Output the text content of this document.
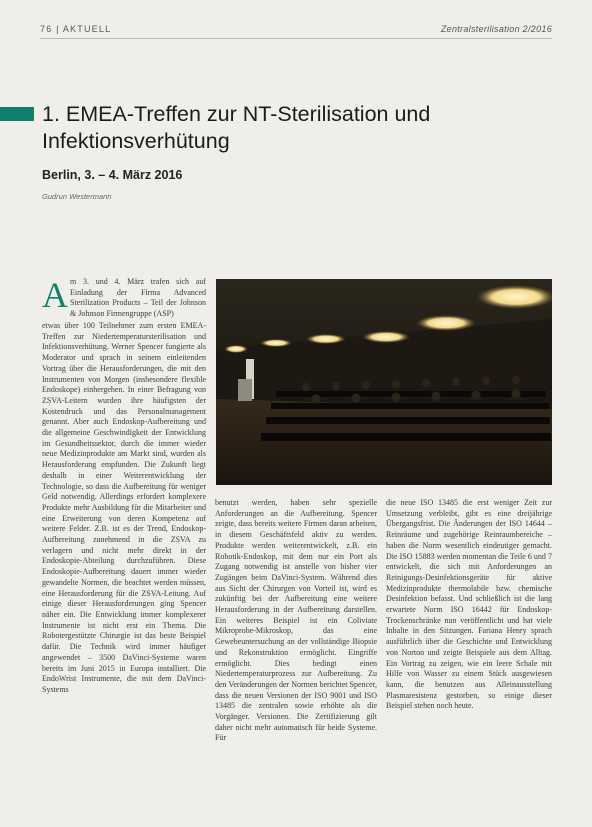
76 | AKTUELL	Zentralsterilisation 2/2016
1. EMEA-Treffen zur NT-Sterilisation und Infektionsverhütung
Berlin, 3. – 4. März 2016
Gudrun Westermann
A m 3. und 4. März trafen sich auf Einladung der Firma Advanced Sterilization Products – Teil der Johnson & Johnson Firmengruppe (ASP)
etwas über 100 Teilnehmer zum ersten EMEA-Treffen zur Niedertemperatursterilisation und Infektionsverhütung. Werner Spencer fungierte als Moderator und sprach in seinem einleitenden Vortrag über die Herausforderungen, die mit den Instrumenten von Morgen (insbesondere flexible Endoskope) einhergehen. In einer Befragung von ZSVA-Leitern wurden ihre häufigsten der Kostendruck und das Personalmanagement genannt. Aber auch Endoskop-Aufbereitung und die allgemeine Geschwindigkeit der Entwicklung im Gesundheitssektor, durch die immer wieder neue Medizinprodukte am Markt sind, wurden als Herausforderung empfunden. Die Zukunft liegt deshalb in einer Weiterentwicklung der Technologie, so dass die Aufbereitung für weniger Geld notwendig. Allerdings erfordert komplexere Produkte mehr Ausbildung für die Mitarbeiter und eine Erweiterung von deren Kompetenz auf weitere Felder. Z.B. ist es der Trend, Endoskop-Aufbereitung zunehmend in die ZSVA zu verlagern und nicht mehr direkt in der Endoskopie-Abteilung durchzuführen. Diese Endoskopie-Aufbereitung dauert immer wieder gewandelte Normen, die beachtet werden müssen, eine Herausforderung für die ZSVA-Leitung. Auf einige dieser Herausforderungen ging Spencer näher ein. Die Entwicklung immer komplexerer Instrumente ist nicht erst ein Thema. Die Robotergestützte Chirurgie ist das beste Beispiel dafür. Die Technik wird immer häufiger angewendet – 3500 DaVinci-Systeme waren bereits im Juni 2015 in Europa installiert. Die EndoWrist Instrumente, die mit dem DaVinci-Systems
benutzt werden, haben sehr spezielle Anforderungen an die Aufbereitung. Spencer zeigte, dass bereits weitere Firmen daran arbeiten, in diesem Geschäftsfeld aktiv zu werden. Produkte werden weiterentwickelt, z.B. ein Robotik-Endoskop, mit dem nur ein Port als Zugang notwendig ist anstelle von bisher vier Zugängen beim DaVinci-System. Während dies aus Sicht der Chirurgen von Vorteil ist, wird es zukünftig bei der Aufbereitung eine weitere Herausforderung in der Aufbereitung darstellen. Ein weiteres Beispiel ist ein Coliviate Mikroprobe-Mikroskop, das eine Gewebeuntersuchung an der vollständige Biopsie und Rekonstruktion ermöglicht. Eingriffe ermöglicht. Dies bedingt einen Niedertemperaturprozess zur Aufbereitung. Zu den Veränderungen der Normen berichtet Spencer, dass die neuen Versionen der ISO 9001 und ISO 13485 die zentralen sowie erhöhte als die Vorgänger. Versionen. Die Zertifizierung gilt daher nicht mehr automatisch für beide Systeme. Für
die neue ISO 13485 die erst weniger Zeit zur Umsetzung verbleibt, gibt es eine dreijährige Übergangsfrist. Die Änderungen der ISO 14644 – Reinräume und zugehörige Reinraumbereiche – haben die Norm wesentlich eindeutiger gemacht. Die ISO 15883 werden momentan die Teile 6 und 7 entwickelt, die sich mit Anforderungen an Reinigungs-Desinfektionsgeräte für aktive Medizinprodukte thermolabile bzw. chemische Desinfektion befasst. Und schließlich ist die lang erwartete Norm ISO 16442 für Endoskop-Trockenschränke nun veröffentlicht und hat viele Inhalte in den Sitzungen. Fariana Henry sprach ausführlich über die Geschichte und Entwicklung von Norton und zeigte Beispiele aus dem Alltag. Ein Vortrag zu zeigen, wie ein leere Schale mit Hilfe von Wasser zu einem Stück ausgewiesen kann, die benutzen aus Alleinausstellung Plasmaresistenz gestorben, so einige dieser Beispiel stehen noch heute.
